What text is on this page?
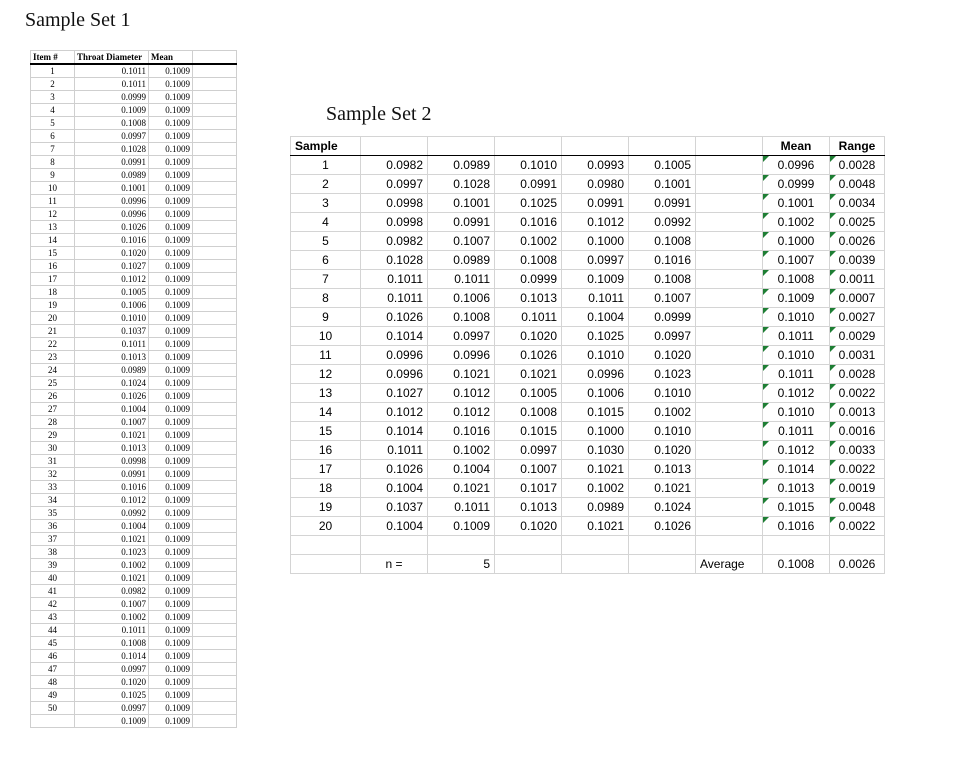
Sample Set 1
Item #	Throat Diameter	Mean	
1	0.1011	0.1009	
2	0.1011	0.1009	
3	0.0999	0.1009	
4	0.1009	0.1009	
5	0.1008	0.1009	
6	0.0997	0.1009	
7	0.1028	0.1009	
8	0.0991	0.1009	
9	0.0989	0.1009	
10	0.1001	0.1009	
11	0.0996	0.1009	
12	0.0996	0.1009	
13	0.1026	0.1009	
14	0.1016	0.1009	
15	0.1020	0.1009	
16	0.1027	0.1009	
17	0.1012	0.1009	
18	0.1005	0.1009	
19	0.1006	0.1009	
20	0.1010	0.1009	
21	0.1037	0.1009	
22	0.1011	0.1009	
23	0.1013	0.1009	
24	0.0989	0.1009	
25	0.1024	0.1009	
26	0.1026	0.1009	
27	0.1004	0.1009	
28	0.1007	0.1009	
29	0.1021	0.1009	
30	0.1013	0.1009	
31	0.0998	0.1009	
32	0.0991	0.1009	
33	0.1016	0.1009	
34	0.1012	0.1009	
35	0.0992	0.1009	
36	0.1004	0.1009	
37	0.1021	0.1009	
38	0.1023	0.1009	
39	0.1002	0.1009	
40	0.1021	0.1009	
41	0.0982	0.1009	
42	0.1007	0.1009	
43	0.1002	0.1009	
44	0.1011	0.1009	
45	0.1008	0.1009	
46	0.1014	0.1009	
47	0.0997	0.1009	
48	0.1020	0.1009	
49	0.1025	0.1009	
50	0.0997	0.1009	
	0.1009	0.1009	
Sample Set 2
Sample							Mean	Range
1	0.0982	0.0989	0.1010	0.0993	0.1005		0.0996	0.0028
2	0.0997	0.1028	0.0991	0.0980	0.1001		0.0999	0.0048
3	0.0998	0.1001	0.1025	0.0991	0.0991		0.1001	0.0034
4	0.0998	0.0991	0.1016	0.1012	0.0992		0.1002	0.0025
5	0.0982	0.1007	0.1002	0.1000	0.1008		0.1000	0.0026
6	0.1028	0.0989	0.1008	0.0997	0.1016		0.1007	0.0039
7	0.1011	0.1011	0.0999	0.1009	0.1008		0.1008	0.0011
8	0.1011	0.1006	0.1013	0.1011	0.1007		0.1009	0.0007
9	0.1026	0.1008	0.1011	0.1004	0.0999		0.1010	0.0027
10	0.1014	0.0997	0.1020	0.1025	0.0997		0.1011	0.0029
11	0.0996	0.0996	0.1026	0.1010	0.1020		0.1010	0.0031
12	0.0996	0.1021	0.1021	0.0996	0.1023		0.1011	0.0028
13	0.1027	0.1012	0.1005	0.1006	0.1010		0.1012	0.0022
14	0.1012	0.1012	0.1008	0.1015	0.1002		0.1010	0.0013
15	0.1014	0.1016	0.1015	0.1000	0.1010		0.1011	0.0016
16	0.1011	0.1002	0.0997	0.1030	0.1020		0.1012	0.0033
17	0.1026	0.1004	0.1007	0.1021	0.1013		0.1014	0.0022
18	0.1004	0.1021	0.1017	0.1002	0.1021		0.1013	0.0019
19	0.1037	0.1011	0.1013	0.0989	0.1024		0.1015	0.0048
20	0.1004	0.1009	0.1020	0.1021	0.1026		0.1016	0.0022

	n =	5				Average	0.1008	0.0026
